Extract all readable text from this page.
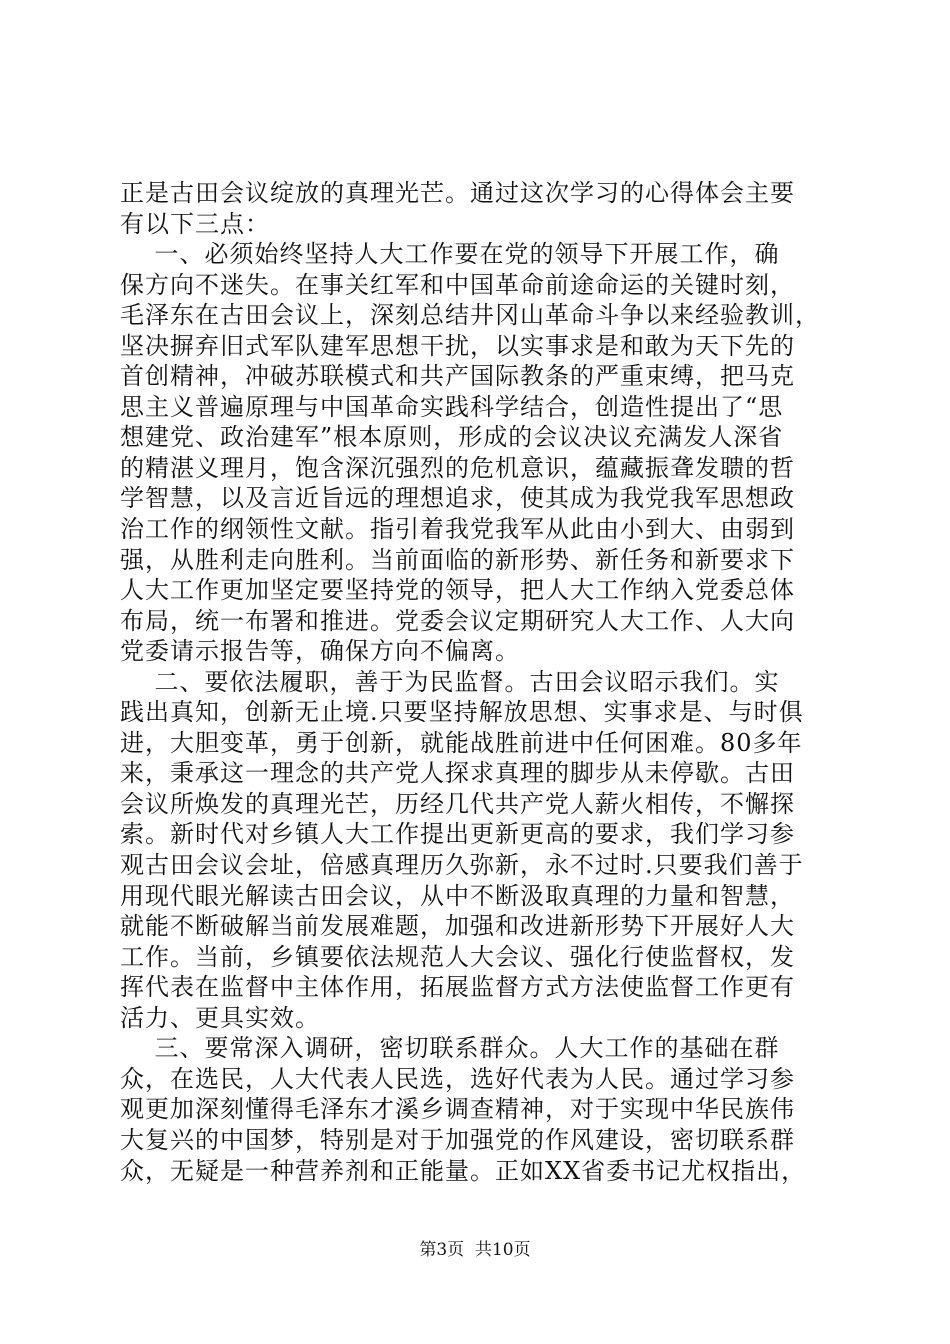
正是古田会议绽放的真理光芒。通过这次学习的心得体会主要
有以下三点：
一、必须始终坚持人大工作要在党的领导下开展工作，确
保方向不迷失。在事关红军和中国革命前途命运的关键时刻，
毛泽东在古田会议上，深刻总结井冈山革命斗争以来经验教训，
坚决摒弃旧式军队建军思想干扰，以实事求是和敢为天下先的
首创精神，冲破苏联模式和共产国际教条的严重束缚，把马克
思主义普遍原理与中国革命实践科学结合，创造性提出了“思
想建党、政治建军”根本原则，形成的会议决议充满发人深省
的精湛义理月，饱含深沉强烈的危机意识，蕴藏振聋发聩的哲
学智慧，以及言近旨远的理想追求，使其成为我党我军思想政
治工作的纲领性文献。指引着我党我军从此由小到大、由弱到
强，从胜利走向胜利。当前面临的新形势、新任务和新要求下
人大工作更加坚定要坚持党的领导，把人大工作纳入党委总体
布局，统一布署和推进。党委会议定期研究人大工作、人大向
党委请示报告等，确保方向不偏离。
二、要依法履职，善于为民监督。古田会议昭示我们。实
践出真知，创新无止境.只要坚持解放思想、实事求是、与时俱
进，大胆变革，勇于创新，就能战胜前进中任何困难。80多年
来，秉承这一理念的共产党人探求真理的脚步从未停歇。古田
会议所焕发的真理光芒，历经几代共产党人薪火相传，不懈探
索。新时代对乡镇人大工作提出更新更高的要求，我们学习参
观古田会议会址，倍感真理历久弥新，永不过时.只要我们善于
用现代眼光解读古田会议，从中不断汲取真理的力量和智慧，
就能不断破解当前发展难题，加强和改进新形势下开展好人大
工作。当前，乡镇要依法规范人大会议、强化行使监督权，发
挥代表在监督中主体作用，拓展监督方式方法使监督工作更有
活力、更具实效。
三、要常深入调研，密切联系群众。人大工作的基础在群
众，在选民，人大代表人民选，选好代表为人民。通过学习参
观更加深刻懂得毛泽东才溪乡调查精神，对于实现中华民族伟
大复兴的中国梦，特别是对于加强党的作风建设，密切联系群
众，无疑是一种营养剂和正能量。正如XX省委书记尤权指出，
第3页  共10页
